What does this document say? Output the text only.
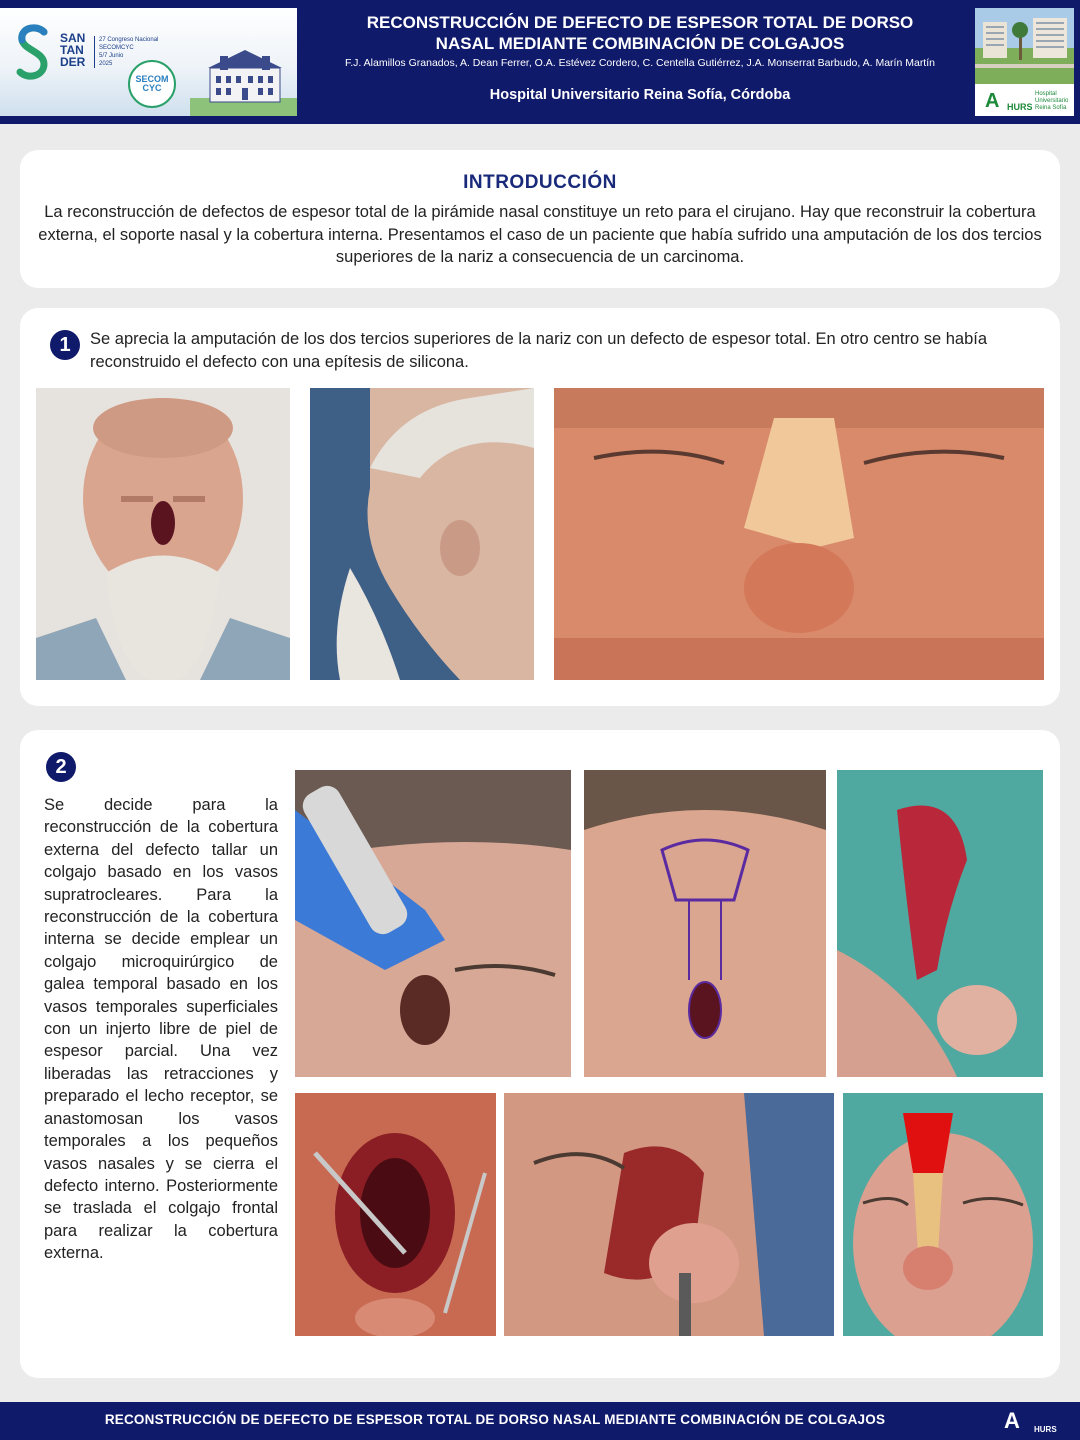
SAN
TAN
DER
27 Congreso Nacional
SECOMCYC
5/7 Junio
2025
SECOM
CYC
RECONSTRUCCIÓN DE DEFECTO DE ESPESOR TOTAL DE DORSO
NASAL MEDIANTE COMBINACIÓN DE COLGAJOS
F.J. Alamillos Granados, A. Dean Ferrer, O.A. Estévez Cordero, C. Centella Gutiérrez, J.A. Monserrat Barbudo, A. Marín Martín
Hospital Universitario Reina Sofía, Córdoba	A HURS
Hospital
Universitario
Reina Sofía
INTRODUCCIÓN
La reconstrucción de defectos de espesor total de la pirámide nasal constituye un reto para el cirujano. Hay que reconstruir la cobertura externa, el soporte nasal y la cobertura interna. Presentamos el caso de un paciente que había sufrido una amputación de los dos tercios superiores de la nariz a consecuencia de un carcinoma.
1	Se aprecia la amputación de los dos tercios superiores de la nariz con un defecto de espesor total. En otro centro se había reconstruido el defecto con una epítesis de silicona.
2
Se decide para la reconstrucción de la cobertura externa del defecto tallar un colgajo basado en los vasos supratrocleares. Para la reconstrucción de la cobertura interna se decide emplear un colgajo microquirúrgico de galea temporal basado en los vasos temporales superficiales con un injerto libre de piel de espesor parcial. Una vez liberadas las retracciones y preparado el lecho receptor, se anastomosan los vasos temporales a los pequeños vasos nasales y se cierra el defecto interno. Posteriormente se traslada el colgajo frontal para realizar la cobertura externa.
RECONSTRUCCIÓN DE DEFECTO DE ESPESOR TOTAL DE DORSO NASAL MEDIANTE COMBINACIÓN DE COLGAJOS	A HURS
